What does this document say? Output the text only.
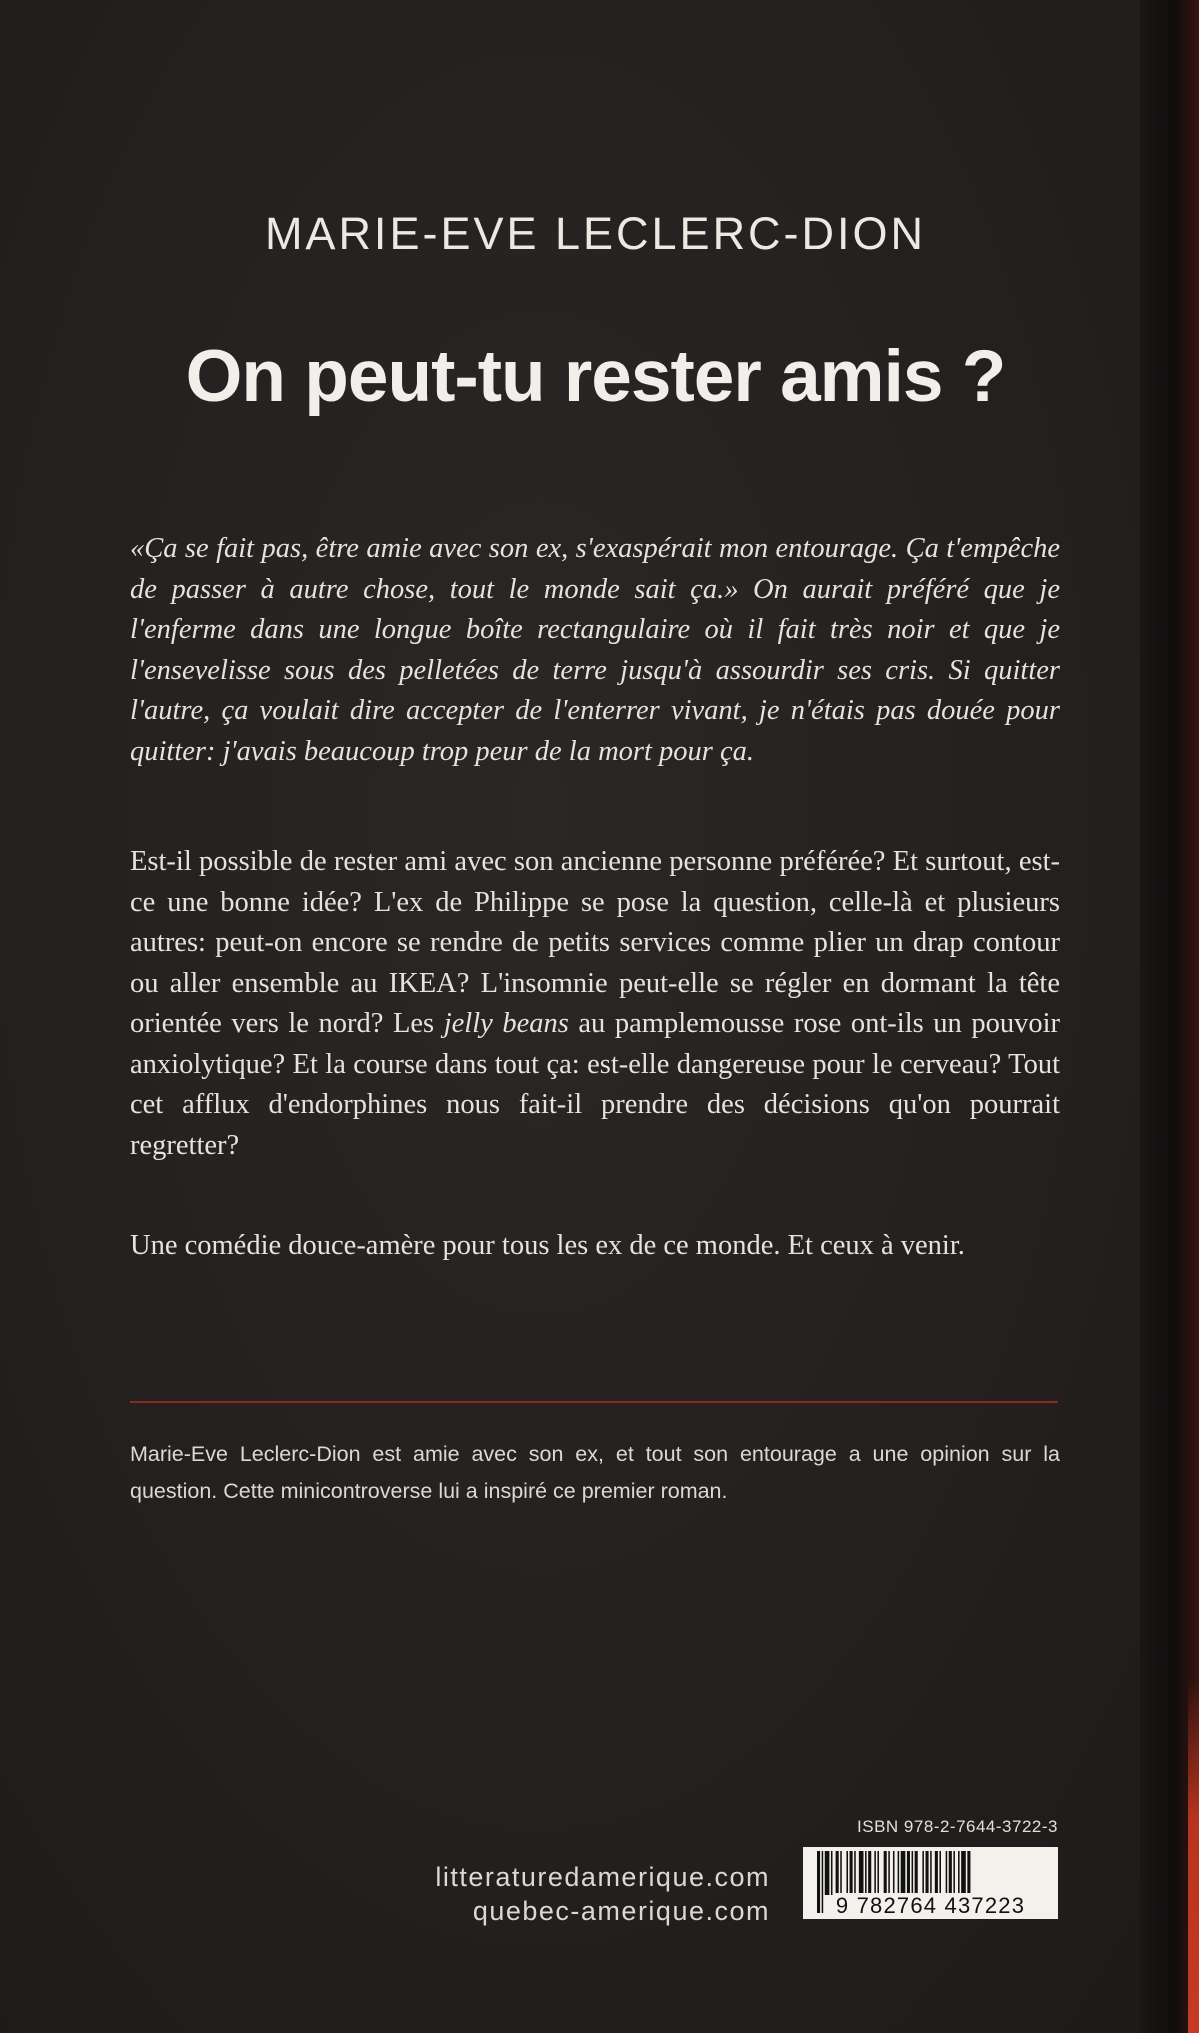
MARIE-EVE LECLERC-DION
On peut-tu rester amis ?

«Ça se fait pas, être amie avec son ex, s'exaspérait mon entourage. Ça t'empêche de passer à autre chose, tout le monde sait ça.» On aurait préféré que je l'enferme dans une longue boîte rectangulaire où il fait très noir et que je l'ensevelisse sous des pelletées de terre jusqu'à assourdir ses cris. Si quitter l'autre, ça voulait dire accepter de l'enterrer vivant, je n'étais pas douée pour quitter: j'avais beaucoup trop peur de la mort pour ça.

Est-il possible de rester ami avec son ancienne personne préférée? Et surtout, est-ce une bonne idée? L'ex de Philippe se pose la question, celle-là et plusieurs autres: peut-on encore se rendre de petits services comme plier un drap contour ou aller ensemble au IKEA? L'insomnie peut-elle se régler en dormant la tête orientée vers le nord? Les jelly beans au pamplemousse rose ont-ils un pouvoir anxiolytique? Et la course dans tout ça: est-elle dangereuse pour le cerveau? Tout cet afflux d'endorphines nous fait-il prendre des décisions qu'on pourrait regretter?

Une comédie douce-amère pour tous les ex de ce monde. Et ceux à venir.

Marie-Eve Leclerc-Dion est amie avec son ex, et tout son entourage a une opinion sur la question. Cette minicontroverse lui a inspiré ce premier roman.
litteraturedamerique.com
quebec-amerique.com
ISBN 978-2-7644-3722-3
9 782764 437223
